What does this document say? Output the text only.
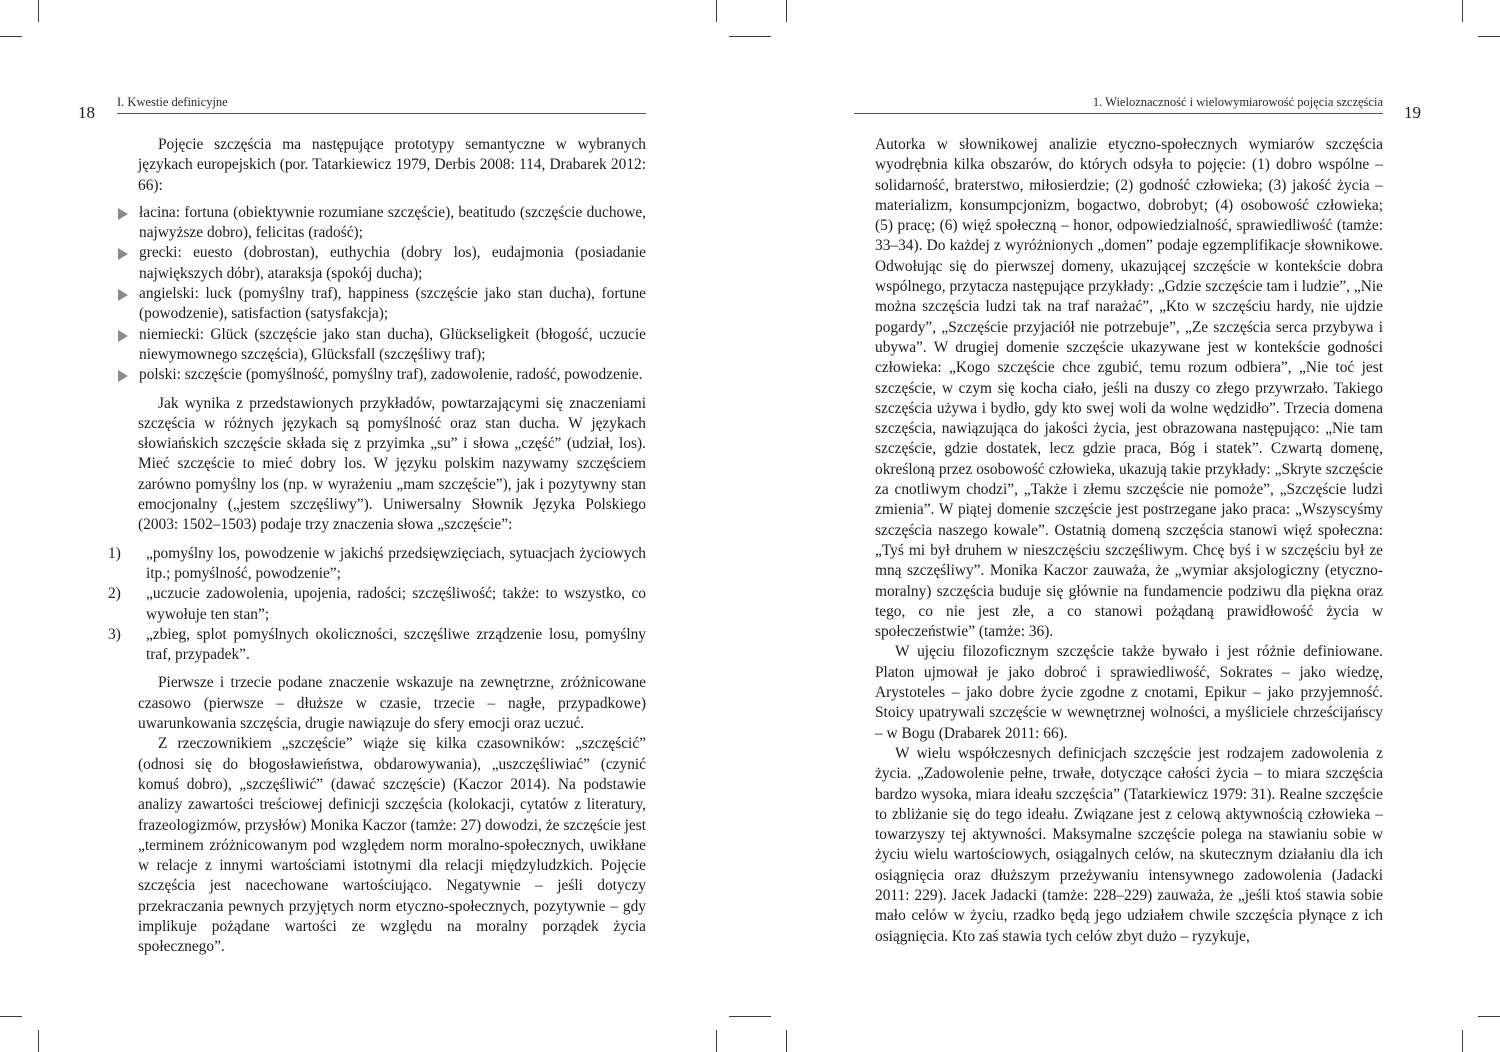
18
I. Kwestie definicyjne

Pojęcie szczęścia ma następujące prototypy semantyczne w wybranych językach europejskich (por. Tatarkiewicz 1979, Derbis 2008: 114, Drabarek 2012: 66):

łacina: fortuna (obiektywnie rozumiane szczęście), beatitudo (szczęście duchowe, najwyższe dobro), felicitas (radość);
grecki: euesto (dobrostan), euthychia (dobry los), eudajmonia (posiadanie największych dóbr), ataraksja (spokój ducha);
angielski: luck (pomyślny traf), happiness (szczęście jako stan ducha), fortune (powodzenie), satisfaction (satysfakcja);
niemiecki: Glück (szczęście jako stan ducha), Glückseligkeit (błogość, uczucie niewymownego szczęścia), Glücksfall (szczęśliwy traf);
polski: szczęście (pomyślność, pomyślny traf), zadowolenie, radość, powodzenie.

Jak wynika z przedstawionych przykładów, powtarzającymi się znaczeniami szczęścia w różnych językach są pomyślność oraz stan ducha. W językach słowiańskich szczęście składa się z przyimka „su” i słowa „część” (udział, los). Mieć szczęście to mieć dobry los. W języku polskim nazywamy szczęściem zarówno pomyślny los (np. w wyrażeniu „mam szczęście”), jak i pozytywny stan emocjonalny („jestem szczęśliwy”). Uniwersalny Słownik Języka Polskiego (2003: 1502–1503) podaje trzy znaczenia słowa „szczęście”:

1)	„pomyślny los, powodzenie w jakichś przedsięwzięciach, sytuacjach życiowych itp.; pomyślność, powodzenie”;
2)	„uczucie zadowolenia, upojenia, radości; szczęśliwość; także: to wszystko, co wywołuje ten stan”;
3)	„zbieg, splot pomyślnych okoliczności, szczęśliwe zrządzenie losu, pomyślny traf, przypadek”.

Pierwsze i trzecie podane znaczenie wskazuje na zewnętrzne, zróżnicowane czasowo (pierwsze – dłuższe w czasie, trzecie – nagłe, przypadkowe) uwarunkowania szczęścia, drugie nawiązuje do sfery emocji oraz uczuć.

Z rzeczownikiem „szczęście” wiąże się kilka czasowników: „szczęścić” (odnosi się do błogosławieństwa, obdarowywania), „uszczęśliwiać” (czynić komuś dobro), „szczęśliwić” (dawać szczęście) (Kaczor 2014). Na podstawie analizy zawartości treściowej definicji szczęścia (kolokacji, cytatów z literatury, frazeologizmów, przysłów) Monika Kaczor (tamże: 27) dowodzi, że szczęście jest „terminem zróżnicowanym pod względem norm moralno-społecznych, uwikłane w relacje z innymi wartościami istotnymi dla relacji międzyludzkich. Pojęcie szczęścia jest nacechowane wartościująco. Negatywnie – jeśli dotyczy przekraczania pewnych przyjętych norm etyczno-społecznych, pozytywnie – gdy implikuje pożądane wartości ze względu na moralny porządek życia społecznego”.

1. Wieloznaczność i wielowymiarowość pojęcia szczęścia
19

Autorka w słownikowej analizie etyczno-społecznych wymiarów szczęścia wyodrębnia kilka obszarów, do których odsyła to pojęcie: (1) dobro wspólne – solidarność, braterstwo, miłosierdzie; (2) godność człowieka; (3) jakość życia – materializm, konsumpcjonizm, bogactwo, dobrobyt; (4) osobowość człowieka; (5) pracę; (6) więź społeczną – honor, odpowiedzialność, sprawiedliwość (tamże: 33–34). Do każdej z wyróżnionych „domen” podaje egzemplifikacje słownikowe. Odwołując się do pierwszej domeny, ukazującej szczęście w kontekście dobra wspólnego, przytacza następujące przykłady: „Gdzie szczęście tam i ludzie”, „Nie można szczęścia ludzi tak na traf narażać”, „Kto w szczęściu hardy, nie ujdzie pogardy”, „Szczęście przyjaciół nie potrzebuje”, „Ze szczęścia serca przybywa i ubywa”. W drugiej domenie szczęście ukazywane jest w kontekście godności człowieka: „Kogo szczęście chce zgubić, temu rozum odbiera”, „Nie toć jest szczęście, w czym się kocha ciało, jeśli na duszy co złego przywrzało. Takiego szczęścia używa i bydło, gdy kto swej woli da wolne wędzidło”. Trzecia domena szczęścia, nawiązująca do jakości życia, jest obrazowana następująco: „Nie tam szczęście, gdzie dostatek, lecz gdzie praca, Bóg i statek”. Czwartą domenę, określoną przez osobowość człowieka, ukazują takie przykłady: „Skryte szczęście za cnotliwym chodzi”, „Także i złemu szczęście nie pomoże”, „Szczęście ludzi zmienia”. W piątej domenie szczęście jest postrzegane jako praca: „Wszyscyśmy szczęścia naszego kowale”. Ostatnią domeną szczęścia stanowi więź społeczna: „Tyś mi był druhem w nieszczęściu szczęśliwym. Chcę byś i w szczęściu był ze mną szczęśliwy”. Monika Kaczor zauważa, że „wymiar aksjologiczny (etyczno-moralny) szczęścia buduje się głównie na fundamencie podziwu dla piękna oraz tego, co nie jest złe, a co stanowi pożądaną prawidłowość życia w społeczeństwie” (tamże: 36).

W ujęciu filozoficznym szczęście także bywało i jest różnie definiowane. Platon ujmował je jako dobroć i sprawiedliwość, Sokrates – jako wiedzę, Arystoteles – jako dobre życie zgodne z cnotami, Epikur – jako przyjemność. Stoicy upatrywali szczęście w wewnętrznej wolności, a myśliciele chrześcijańscy – w Bogu (Drabarek 2011: 66).

W wielu współczesnych definicjach szczęście jest rodzajem zadowolenia z życia. „Zadowolenie pełne, trwałe, dotyczące całości życia – to miara szczęścia bardzo wysoka, miara ideału szczęścia” (Tatarkiewicz 1979: 31). Realne szczęście to zbliżanie się do tego ideału. Związane jest z celową aktywnością człowieka – towarzyszy tej aktywności. Maksymalne szczęście polega na stawianiu sobie w życiu wielu wartościowych, osiągalnych celów, na skutecznym działaniu dla ich osiągnięcia oraz dłuższym przeżywaniu intensywnego zadowolenia (Jadacki 2011: 229). Jacek Jadacki (tamże: 228–229) zauważa, że „jeśli ktoś stawia sobie mało celów w życiu, rzadko będą jego udziałem chwile szczęścia płynące z ich osiągnięcia. Kto zaś stawia tych celów zbyt dużo – ryzykuje,
